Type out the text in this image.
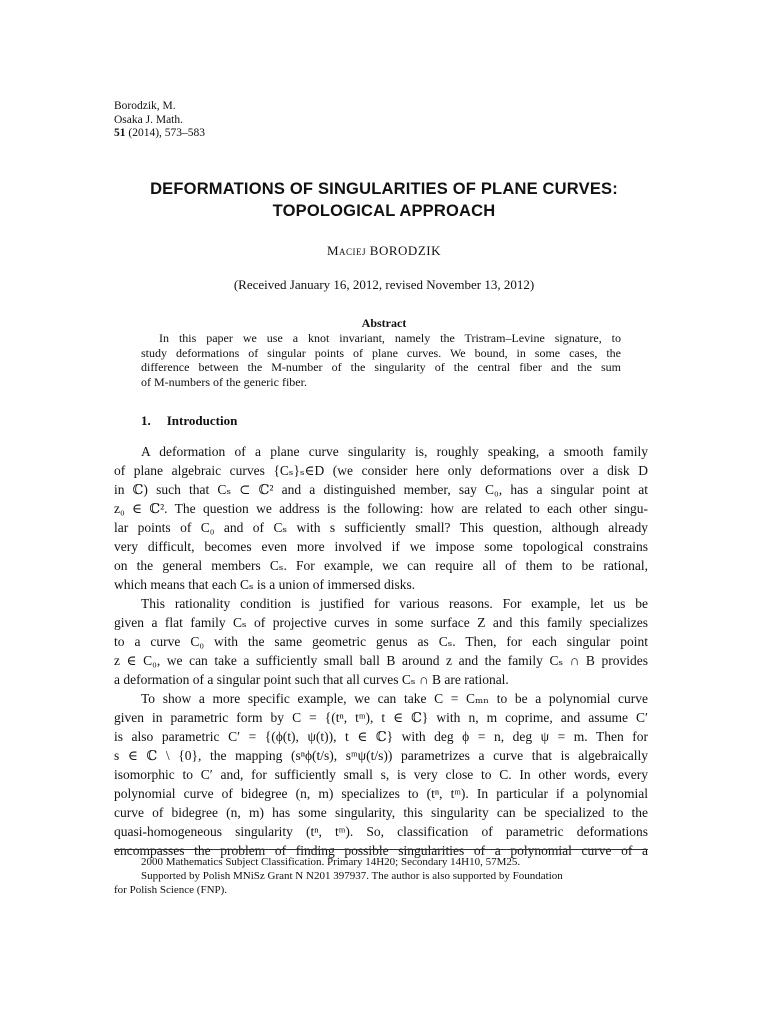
Borodzik, M.
Osaka J. Math.
51 (2014), 573–583
DEFORMATIONS OF SINGULARITIES OF PLANE CURVES:
TOPOLOGICAL APPROACH
Maciej BORODZIK
(Received January 16, 2012, revised November 13, 2012)
Abstract
In this paper we use a knot invariant, namely the Tristram–Levine signature, to
study deformations of singular points of plane curves. We bound, in some cases, the
difference between the M-number of the singularity of the central fiber and the sum
of M-numbers of the generic fiber.
1. Introduction

A deformation of a plane curve singularity is, roughly speaking, a smooth family
of plane algebraic curves {Cₛ}ₛ∈D (we consider here only deformations over a disk D
in ℂ) such that Cₛ ⊂ ℂ² and a distinguished member, say C₀, has a singular point at
z₀ ∈ ℂ². The question we address is the following: how are related to each other singu-
lar points of C₀ and of Cₛ with s sufficiently small? This question, although already
very difficult, becomes even more involved if we impose some topological constrains
on the general members Cₛ. For example, we can require all of them to be rational,
which means that each Cₛ is a union of immersed disks.

This rationality condition is justified for various reasons. For example, let us be
given a flat family Cₛ of projective curves in some surface Z and this family specializes
to a curve C₀ with the same geometric genus as Cₛ. Then, for each singular point
z ∈ C₀, we can take a sufficiently small ball B around z and the family Cₛ ∩ B provides
a deformation of a singular point such that all curves Cₛ ∩ B are rational.

To show a more specific example, we can take C = Cₘₙ to be a polynomial curve
given in parametric form by C = {(tⁿ, tᵐ), t ∈ ℂ} with n, m coprime, and assume C′
is also parametric C′ = {(ϕ(t), ψ(t)), t ∈ ℂ} with deg ϕ = n, deg ψ = m. Then for
s ∈ ℂ \ {0}, the mapping (sⁿϕ(t/s), sᵐψ(t/s)) parametrizes a curve that is algebraically
isomorphic to C′ and, for sufficiently small s, is very close to C. In other words, every
polynomial curve of bidegree (n, m) specializes to (tⁿ, tᵐ). In particular if a polynomial
curve of bidegree (n, m) has some singularity, this singularity can be specialized to the
quasi-homogeneous singularity (tⁿ, tᵐ). So, classification of parametric deformations
encompasses the problem of finding possible singularities of a polynomial curve of a

2000 Mathematics Subject Classification. Primary 14H20; Secondary 14H10, 57M25.
Supported by Polish MNiSz Grant N N201 397937. The author is also supported by Foundation
for Polish Science (FNP).
